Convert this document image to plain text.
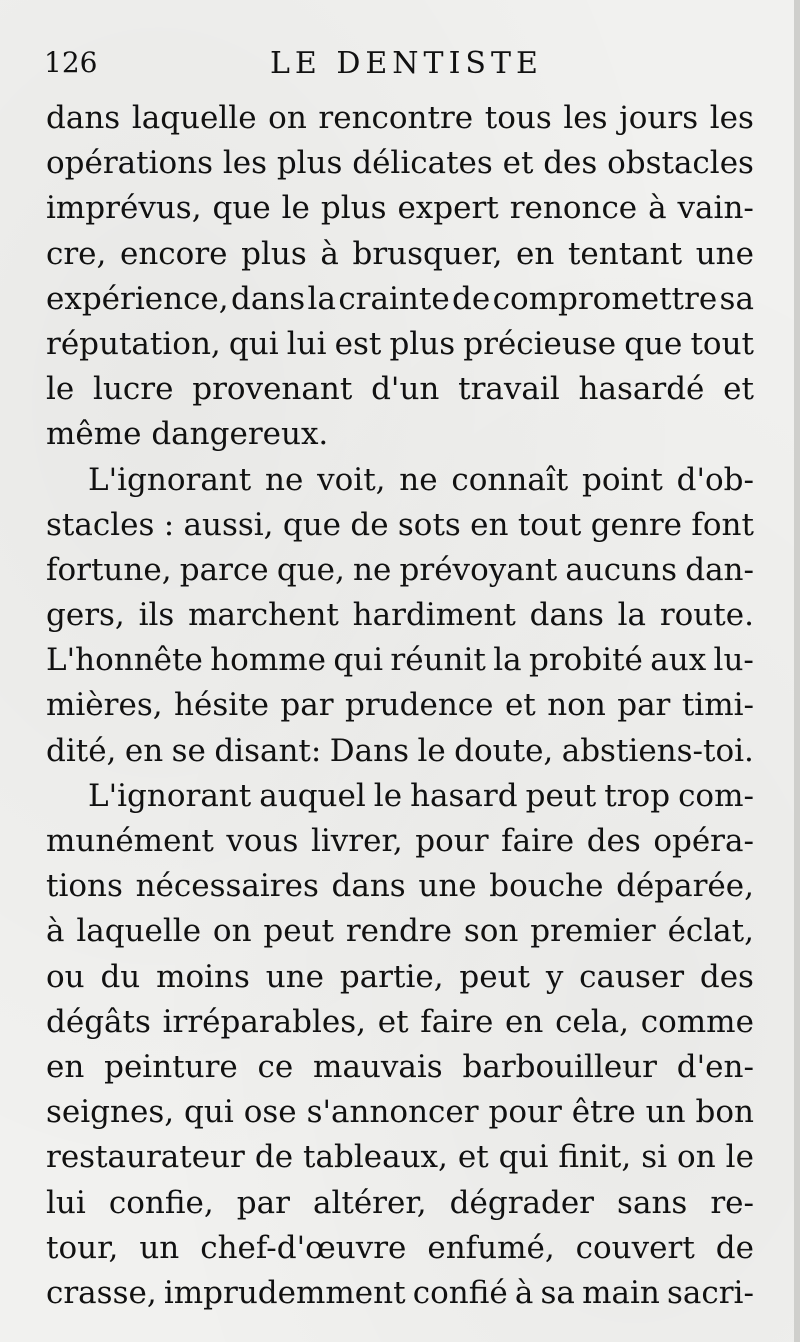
126	LE DENTISTE
dans laquelle on rencontre tous les jours les
opérations les plus délicates et des obstacles
imprévus, que le plus expert renonce à vain-
cre, encore plus à brusquer, en tentant une
expérience, dans la crainte de compromettre sa
réputation, qui lui est plus précieuse que tout
le lucre provenant d'un travail hasardé et
même dangereux.
L'ignorant ne voit, ne connaît point d'ob-
stacles : aussi, que de sots en tout genre font
fortune, parce que, ne prévoyant aucuns dan-
gers, ils marchent hardiment dans la route.
L'honnête homme qui réunit la probité aux lu-
mières, hésite par prudence et non par timi-
dité, en se disant: Dans le doute, abstiens-toi.
L'ignorant auquel le hasard peut trop com-
munément vous livrer, pour faire des opéra-
tions nécessaires dans une bouche déparée,
à laquelle on peut rendre son premier éclat,
ou du moins une partie, peut y causer des
dégâts irréparables, et faire en cela, comme
en peinture ce mauvais barbouilleur d'en-
seignes, qui ose s'annoncer pour être un bon
restaurateur de tableaux, et qui finit, si on le
lui confie, par altérer, dégrader sans re-
tour, un chef-d'œuvre enfumé, couvert de
crasse, imprudemment confié à sa main sacri-
